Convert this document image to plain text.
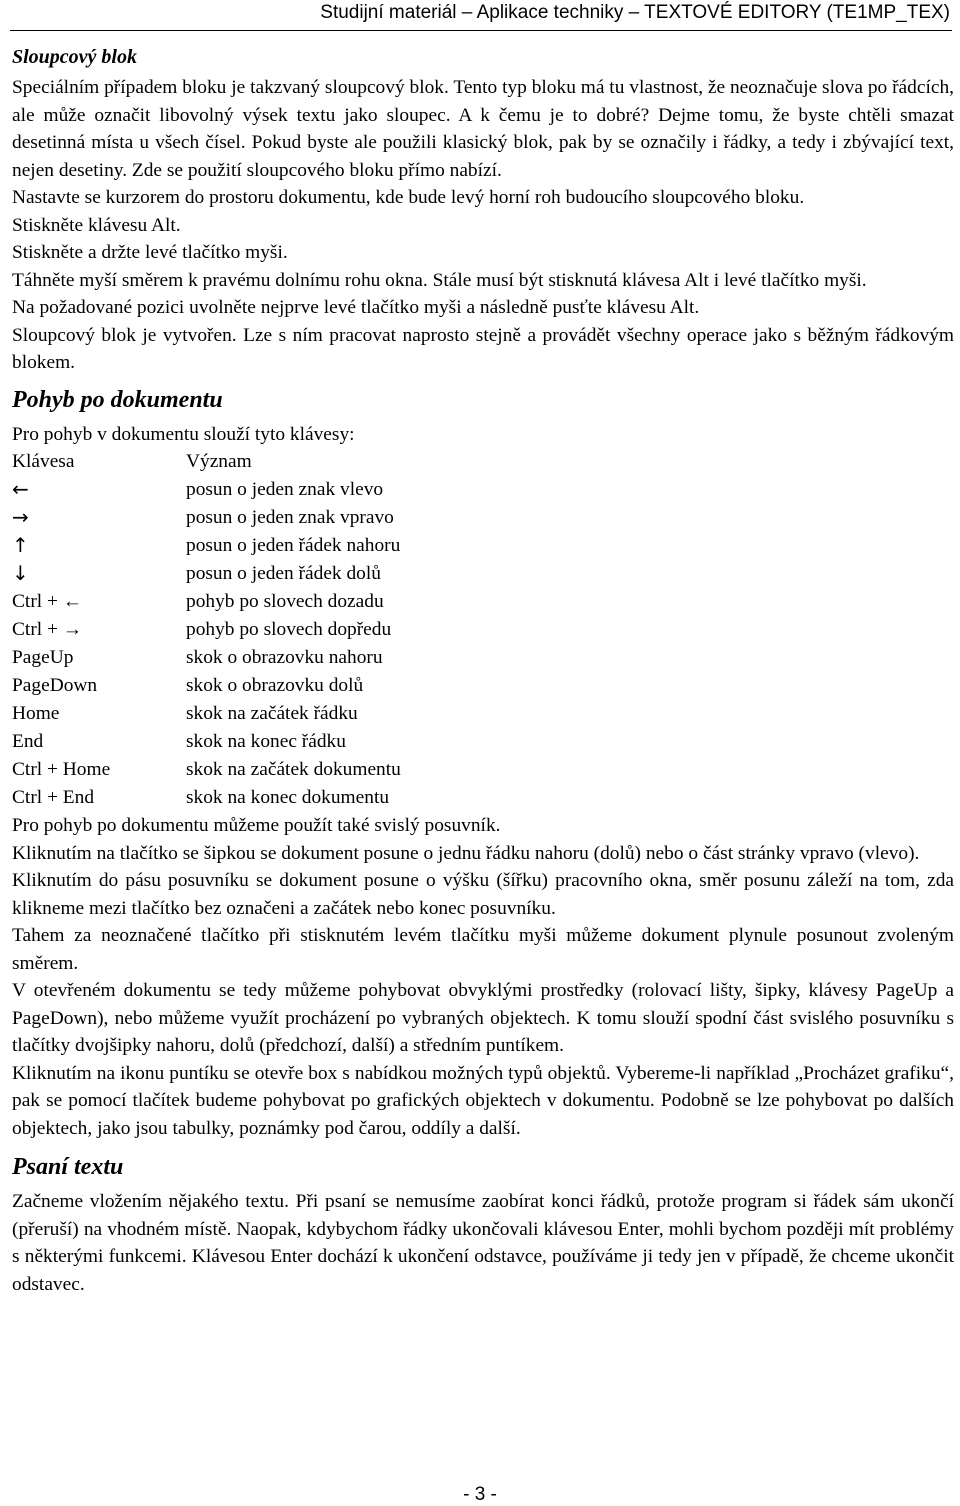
Studijní materiál – Aplikace techniky – TEXTOVÉ EDITORY (TE1MP_TEX)
Sloupcový blok

Speciálním případem bloku je takzvaný sloupcový blok. Tento typ bloku má tu vlastnost, že neoznačuje slova po řádcích, ale může označit libovolný výsek textu jako sloupec. A k čemu je to dobré? Dejme tomu, že byste chtěli smazat desetinná místa u všech čísel. Pokud byste ale použili klasický blok, pak by se označily i řádky, a tedy i zbývající text, nejen desetiny. Zde se použití sloupcového bloku přímo nabízí.

Nastavte se kurzorem do prostoru dokumentu, kde bude levý horní roh budoucího sloupcového bloku.

Stiskněte klávesu Alt.

Stiskněte a držte levé tlačítko myši.

Táhněte myší směrem k pravému dolnímu rohu okna. Stále musí být stisknutá klávesa Alt i levé tlačítko myši.

Na požadované pozici uvolněte nejprve levé tlačítko myši a následně pusťte klávesu Alt.

Sloupcový blok je vytvořen. Lze s ním pracovat naprosto stejně a provádět všechny operace jako s běžným řádkovým blokem.

Pohyb po dokumentu

Pro pohyb v dokumentu slouží tyto klávesy:

Klávesa	Význam
←	posun o jeden znak vlevo
→	posun o jeden znak vpravo
↑	posun o jeden řádek nahoru
↓	posun o jeden řádek dolů
Ctrl + ←	pohyb po slovech dozadu
Ctrl + →	pohyb po slovech dopředu
PageUp	skok o obrazovku nahoru
PageDown	skok o obrazovku dolů
Home	skok na začátek řádku
End	skok na konec řádku
Ctrl + Home	skok na začátek dokumentu
Ctrl + End	skok na konec dokumentu

Pro pohyb po dokumentu můžeme použít také svislý posuvník.

Kliknutím na tlačítko se šipkou se dokument posune o jednu řádku nahoru (dolů) nebo o část stránky vpravo (vlevo).

Kliknutím do pásu posuvníku se dokument posune o výšku (šířku) pracovního okna, směr posunu záleží na tom, zda klikneme mezi tlačítko bez označeni a začátek nebo konec posuvníku.

Tahem za neoznačené tlačítko při stisknutém levém tlačítku myši můžeme dokument plynule posunout zvoleným směrem.

V otevřeném dokumentu se tedy můžeme pohybovat obvyklými prostředky (rolovací lišty, šipky, klávesy PageUp a PageDown), nebo můžeme využít procházení po vybraných objektech. K tomu slouží spodní část svislého posuvníku s tlačítky dvojšipky nahoru, dolů (předchozí, další) a středním puntíkem.

Kliknutím na ikonu puntíku se otevře box s nabídkou možných typů objektů. Vybereme-li například „Procházet grafiku“, pak se pomocí tlačítek budeme pohybovat po grafických objektech v dokumentu. Podobně se lze pohybovat po dalších objektech, jako jsou tabulky, poznámky pod čarou, oddíly a další.

Psaní textu

Začneme vložením nějakého textu. Při psaní se nemusíme zaobírat konci řádků, protože program si řádek sám ukončí (přeruší) na vhodném místě. Naopak, kdybychom řádky ukončovali klávesou Enter, mohli bychom později mít problémy s některými funkcemi. Klávesou Enter dochází k ukončení odstavce, používáme ji tedy jen v případě, že chceme ukončit odstavec.

- 3 -
